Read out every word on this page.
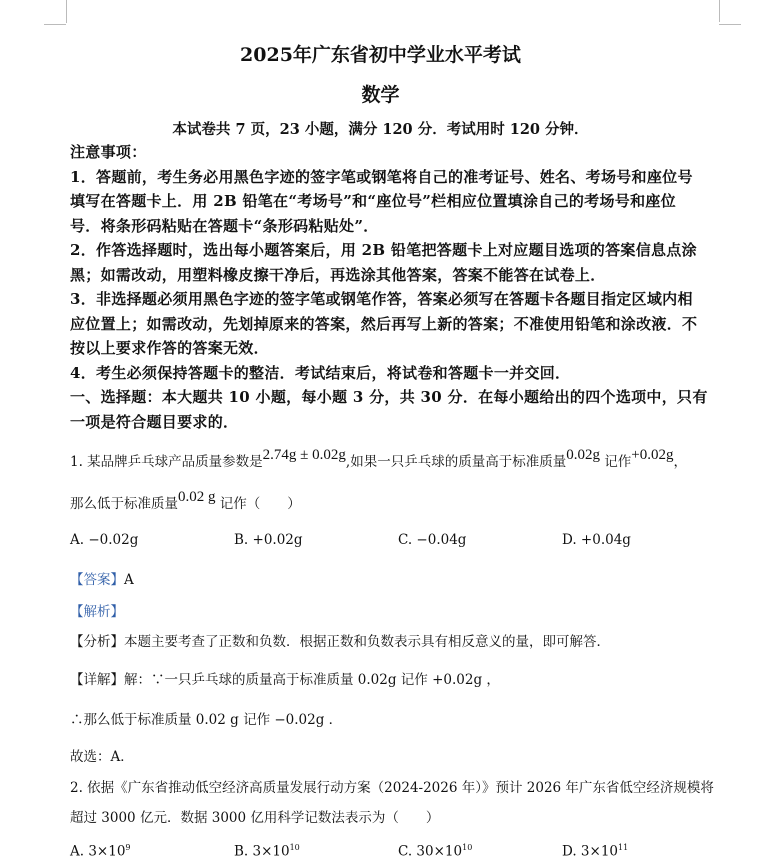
2025年广东省初中学业水平考试
数学
本试卷共 7 页，23 小题，满分 120 分．考试用时 120 分钟．
注意事项：
1．答题前，考生务必用黑色字迹的签字笔或钢笔将自己的准考证号、姓名、考场号和座位号
填写在答题卡上．用 2B 铅笔在“考场号”和“座位号”栏相应位置填涂自己的考场号和座位
号．将条形码粘贴在答题卡“条形码粘贴处”．
2．作答选择题时，选出每小题答案后，用 2B 铅笔把答题卡上对应题目选项的答案信息点涂
黑；如需改动，用塑料橡皮擦干净后，再选涂其他答案，答案不能答在试卷上．
3．非选择题必须用黑色字迹的签字笔或钢笔作答，答案必须写在答题卡各题目指定区域内相
应位置上；如需改动，先划掉原来的答案，然后再写上新的答案；不准使用铅笔和涂改液．不
按以上要求作答的答案无效．
4．考生必须保持答题卡的整洁．考试结束后，将试卷和答题卡一并交回．
一、选择题：本大题共 10 小题，每小题 3 分，共 30 分．在每小题给出的四个选项中，只有
一项是符合题目要求的．
1. 某品牌乒乓球产品质量参数是2.74g ± 0.02g,如果一只乒乓球的质量高于标准质量0.02g 记作+0.02g，
那么低于标准质量0.02 g 记作（　　）
A. −0.02g	B. +0.02g	C. −0.04g	D. +0.04g
【答案】A
【解析】
【分析】本题主要考查了正数和负数．根据正数和负数表示具有相反意义的量，即可解答．
【详解】解：∵一只乒乓球的质量高于标准质量 0.02g 记作 +0.02g ，
∴那么低于标准质量 0.02 g 记作 −0.02g ．
故选：A．
2. 依据《广东省推动低空经济高质量发展行动方案（2024-2026 年）》预计 2026 年广东省低空经济规模将
超过 3000 亿元．数据 3000 亿用科学记数法表示为（　　）
A. $3\times 10^9$	B. $3\times 10^{10}$	C. $30\times 10^{10}$	D. $3\times 10^{11}$
